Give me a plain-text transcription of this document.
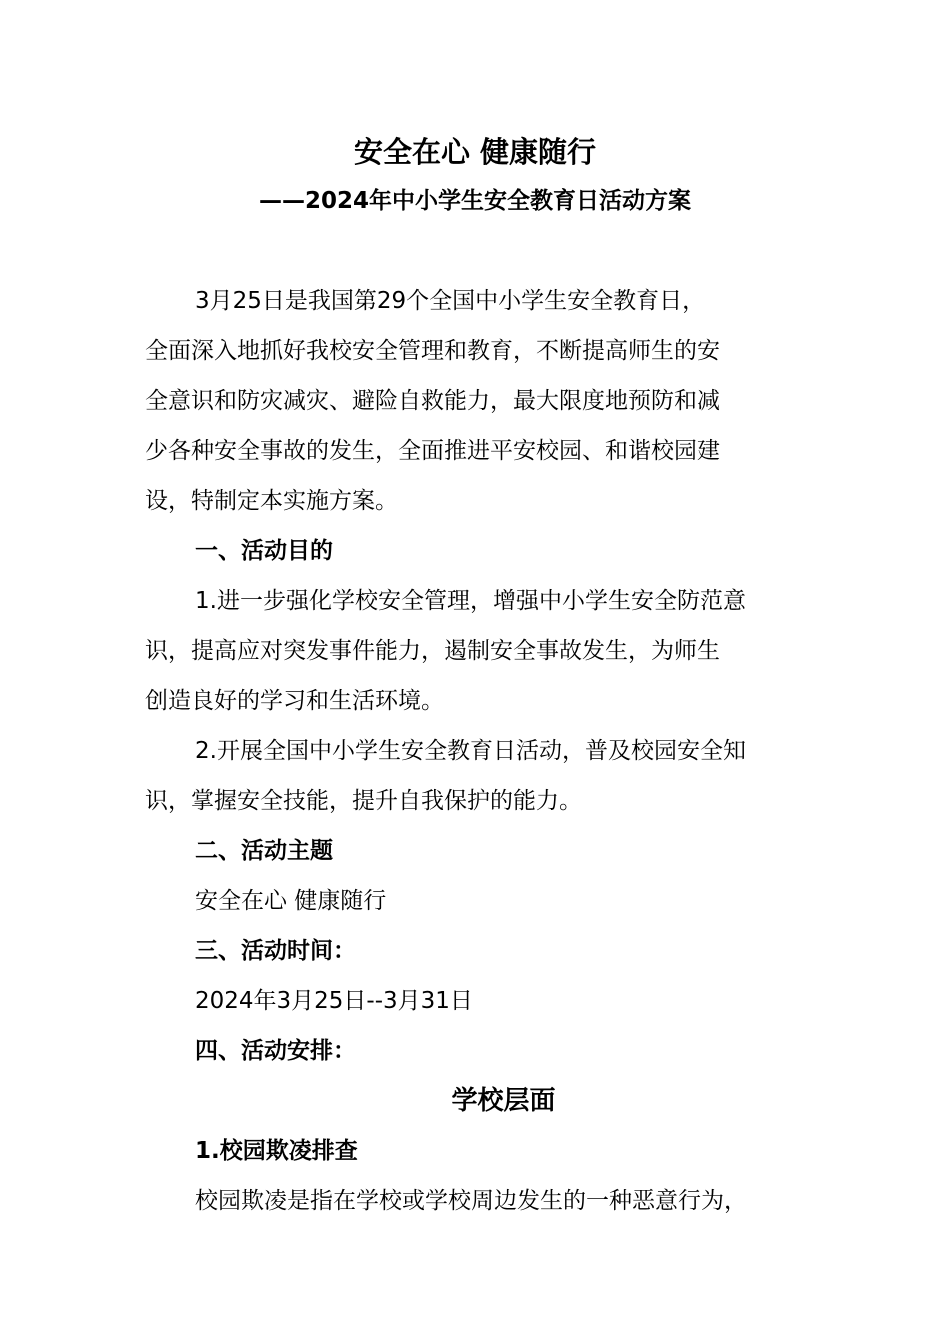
安全在心 健康随行
——2024年中小学生安全教育日活动方案
3月25日是我国第29个全国中小学生安全教育日，
全面深入地抓好我校安全管理和教育，不断提高师生的安
全意识和防灾减灾、避险自救能力，最大限度地预防和减
少各种安全事故的发生，全面推进平安校园、和谐校园建
设，特制定本实施方案。
一、活动目的
1.进一步强化学校安全管理，增强中小学生安全防范意
识，提高应对突发事件能力，遏制安全事故发生，为师生
创造良好的学习和生活环境。
2.开展全国中小学生安全教育日活动，普及校园安全知
识，掌握安全技能，提升自我保护的能力。
二、活动主题
安全在心 健康随行
三、活动时间：
2024年3月25日--3月31日
四、活动安排：
学校层面
1.校园欺凌排查
校园欺凌是指在学校或学校周边发生的一种恶意行为，
